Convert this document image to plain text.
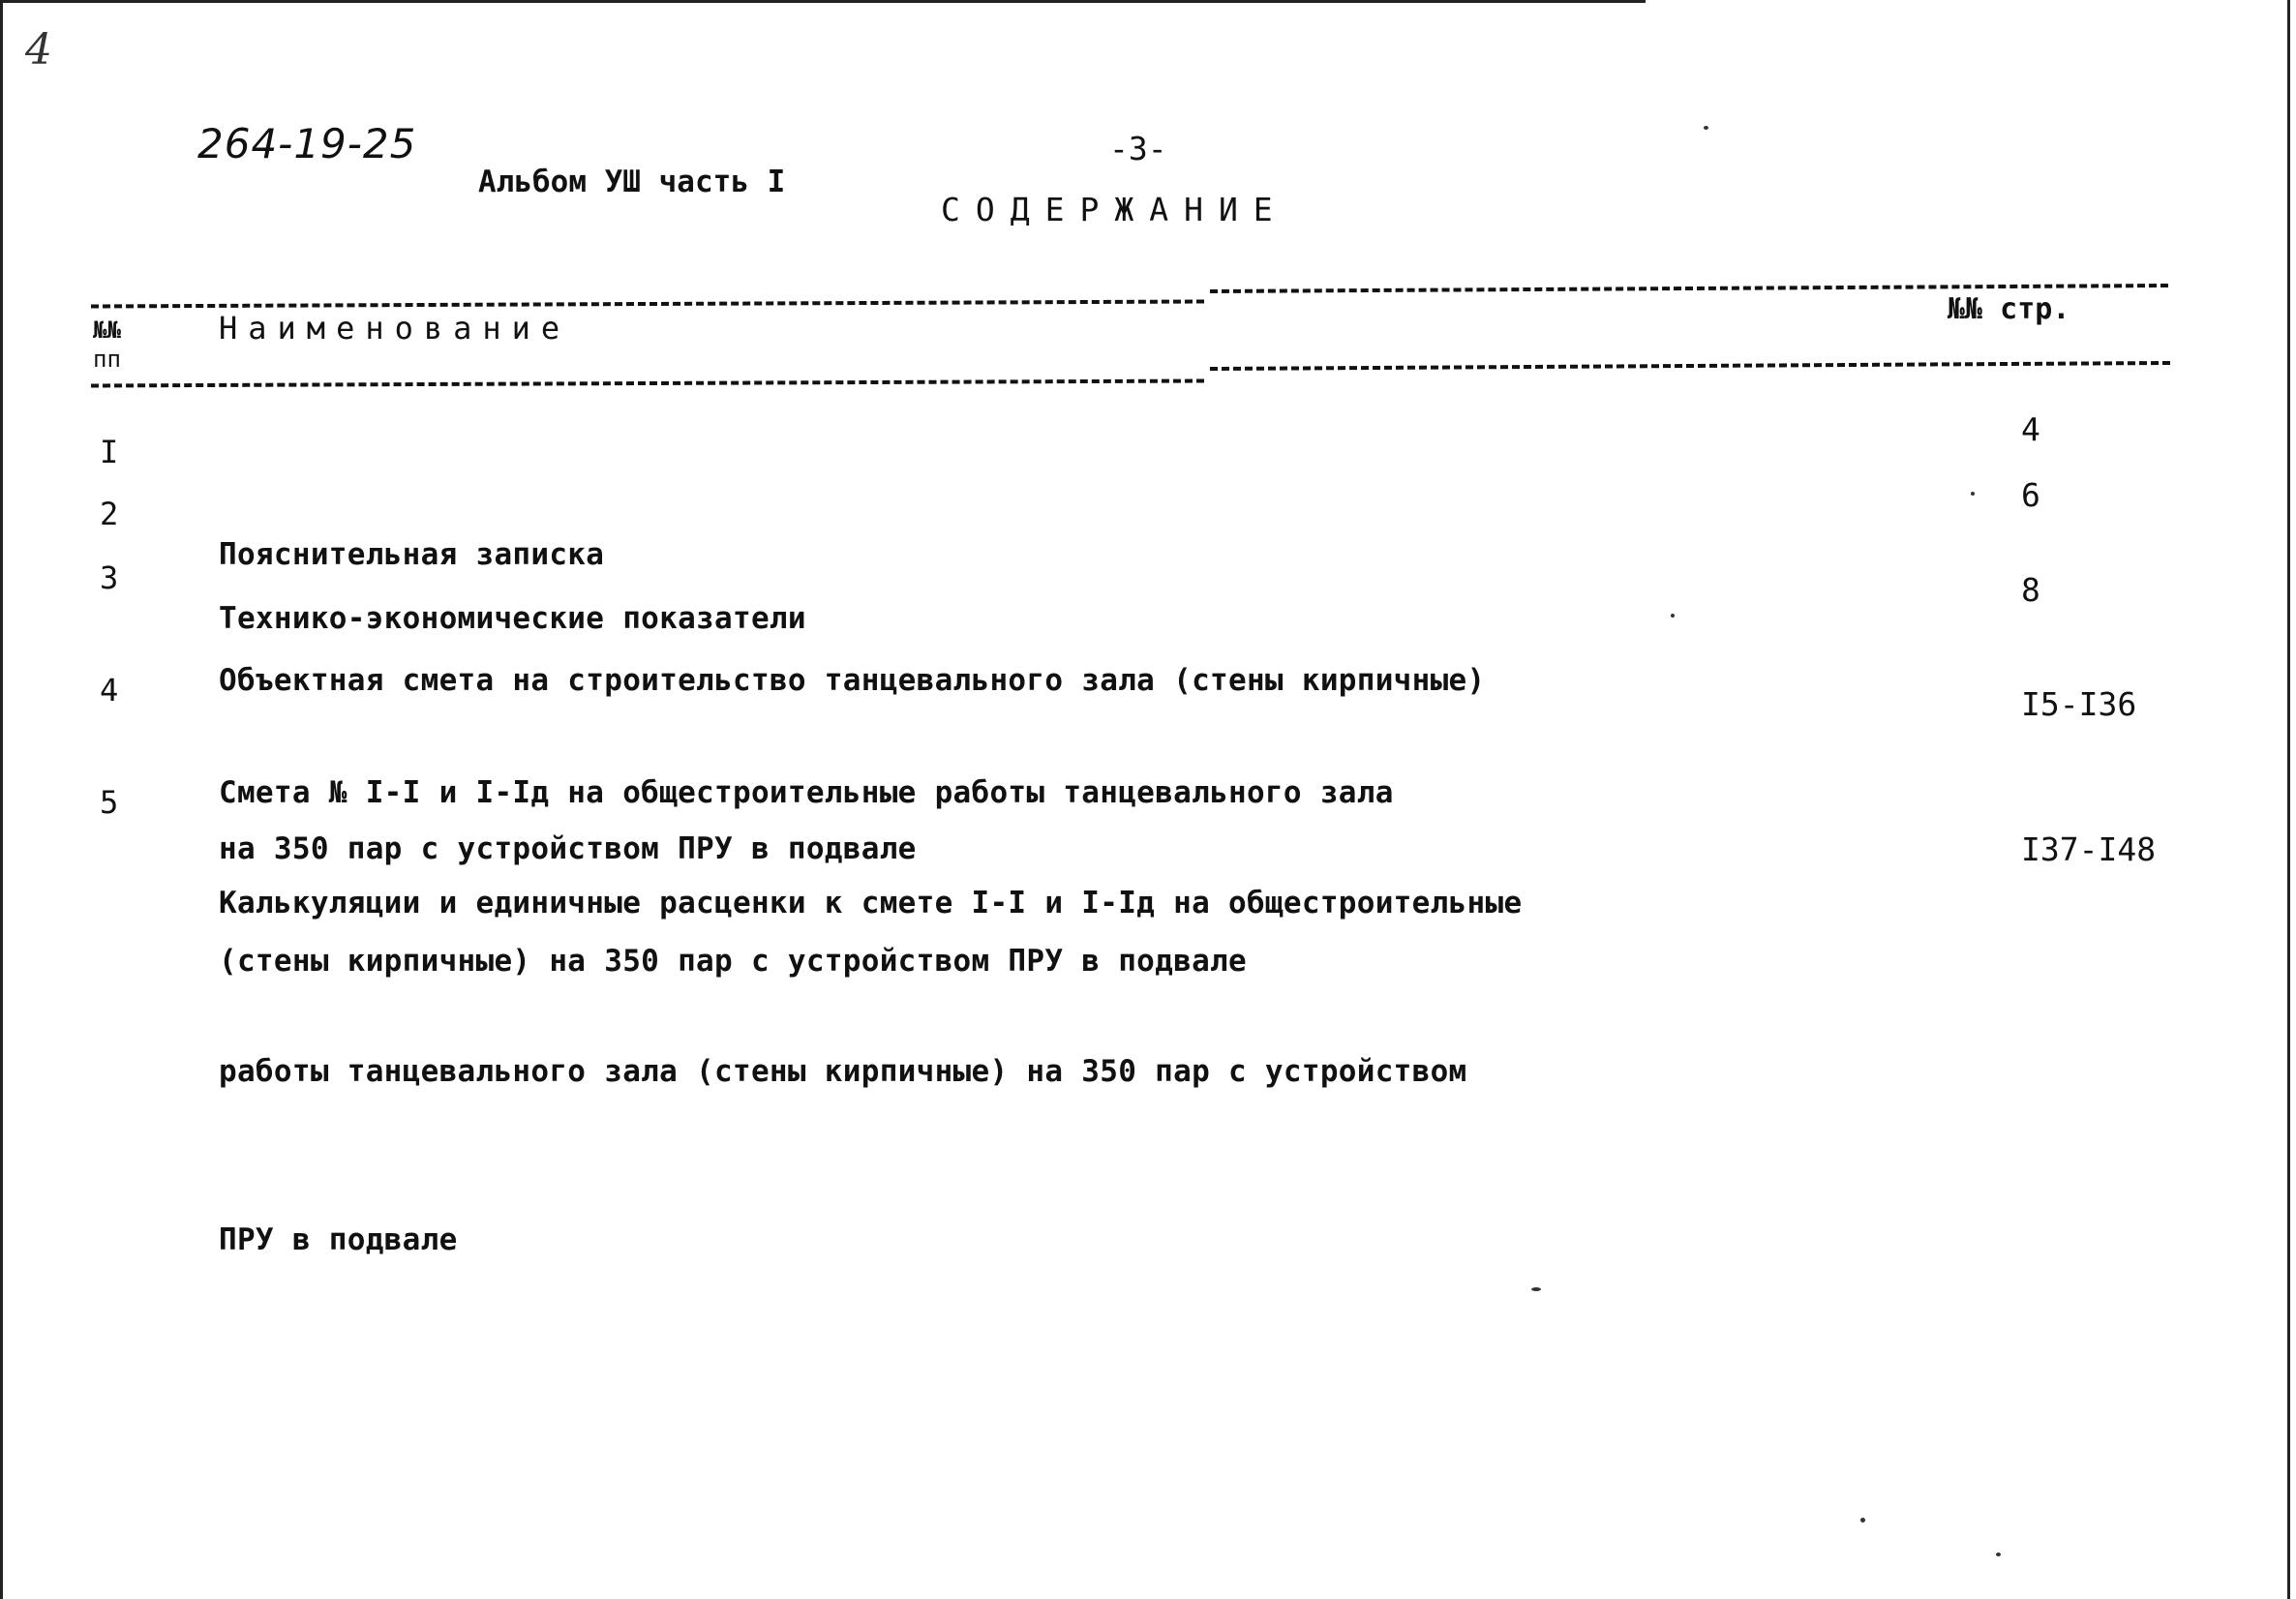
4
264-19-25
Альбом УШ часть I
-3-
СОДЕРЖАНИЕ
№№
пп
Наименование
№№ стр.
I

Пояснительная записка

4
2

Технико-экономические показатели

6
3

Объектная смета на строительство танцевального зала (стены кирпичные)

на 350 пар с устройством ПРУ в подвале

8
4

Смета № I-I и I-Iд на общестроительные работы танцевального зала

(стены кирпичные) на 350 пар с устройством ПРУ в подвале

I5-I36
5

Калькуляции и единичные расценки к смете I-I и I-Iд на общестроительные

работы танцевального зала (стены кирпичные) на 350 пар с устройством

ПРУ в подвале

I37-I48
